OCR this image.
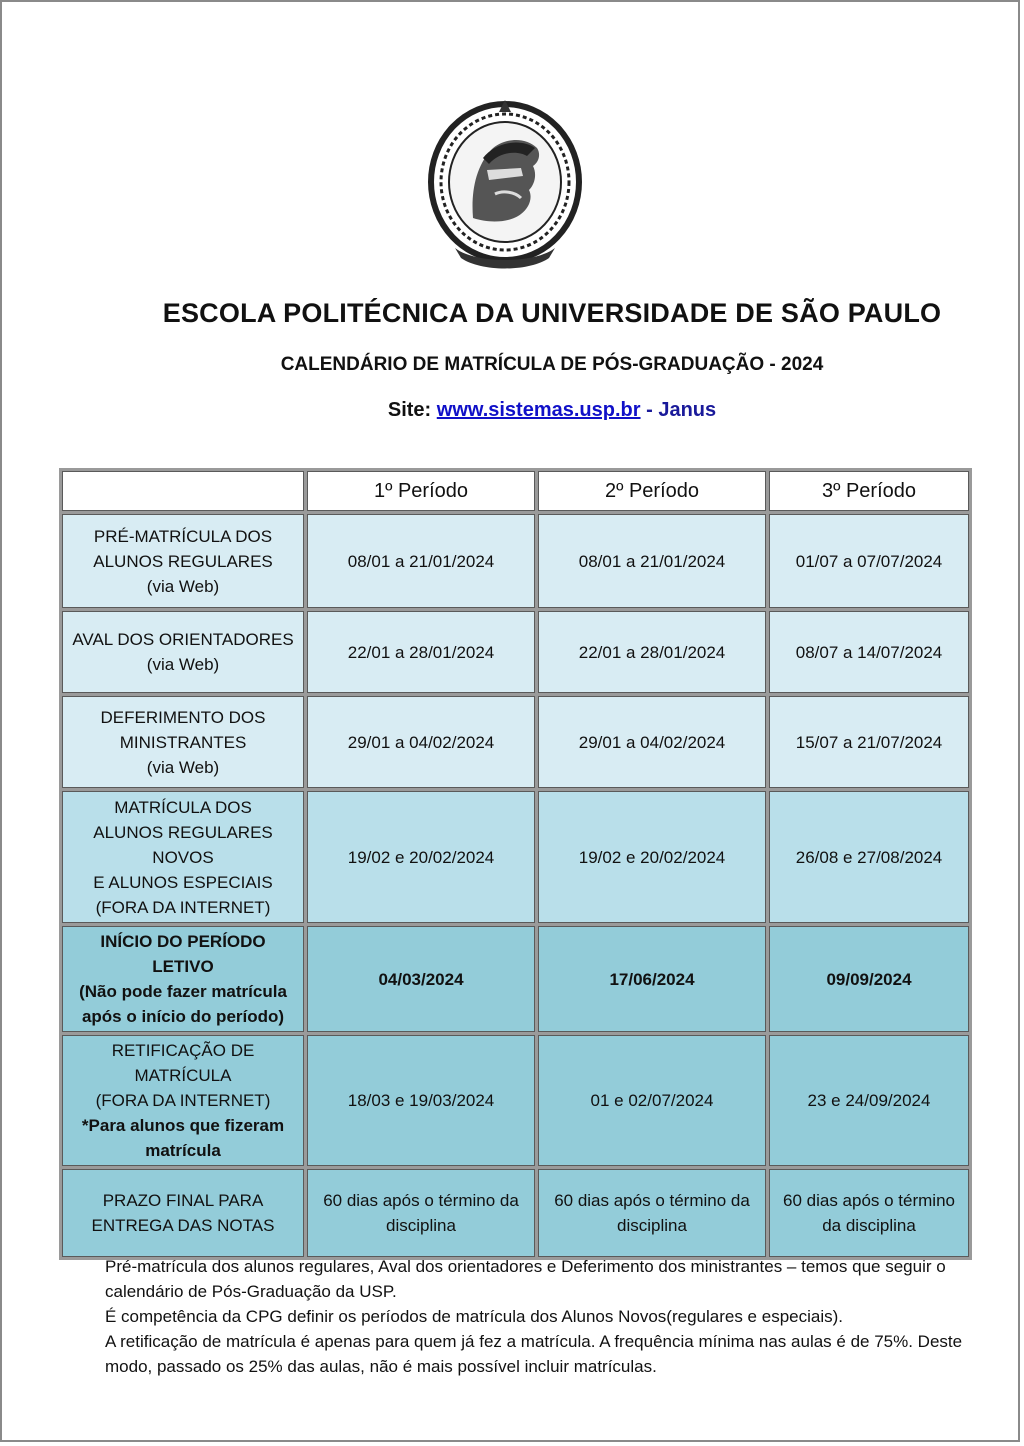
ESCOLA POLITÉCNICA DA UNIVERSIDADE DE SÃO PAULO
CALENDÁRIO DE MATRÍCULA DE PÓS-GRADUAÇÃO - 2024
Site: www.sistemas.usp.br - Janus
	1º Período	2º Período	3º Período
PRÉ-MATRÍCULA DOS
ALUNOS REGULARES
(via Web)	08/01 a 21/01/2024	08/01 a 21/01/2024	01/07 a 07/07/2024
AVAL DOS ORIENTADORES
(via Web)	22/01 a 28/01/2024	22/01 a 28/01/2024	08/07 a 14/07/2024
DEFERIMENTO DOS
MINISTRANTES
(via Web)	29/01 a 04/02/2024	29/01 a 04/02/2024	15/07 a 21/07/2024
MATRÍCULA DOS
ALUNOS REGULARES
NOVOS
E ALUNOS ESPECIAIS
(FORA DA INTERNET)	19/02 e 20/02/2024	19/02 e 20/02/2024	26/08 e 27/08/2024
INÍCIO DO PERÍODO
LETIVO
(Não pode fazer matrícula
após o início do período)	04/03/2024	17/06/2024	09/09/2024
RETIFICAÇÃO DE
MATRÍCULA
(FORA DA INTERNET)
*Para alunos que fizeram
matrícula	18/03 e 19/03/2024	01 e 02/07/2024	23 e 24/09/2024
PRAZO FINAL PARA
ENTREGA DAS NOTAS	60 dias após o término da disciplina	60 dias após o término da disciplina	60 dias após o término da disciplina

Pré-matrícula dos alunos regulares, Aval dos orientadores e Deferimento dos ministrantes – temos que seguir o calendário de Pós-Graduação da USP.

É competência da CPG definir os períodos de matrícula dos Alunos Novos(regulares e especiais).

A retificação de matrícula é apenas para quem já fez a matrícula. A frequência mínima nas aulas é de 75%. Deste modo, passado os 25% das aulas, não é mais possível incluir matrículas.
